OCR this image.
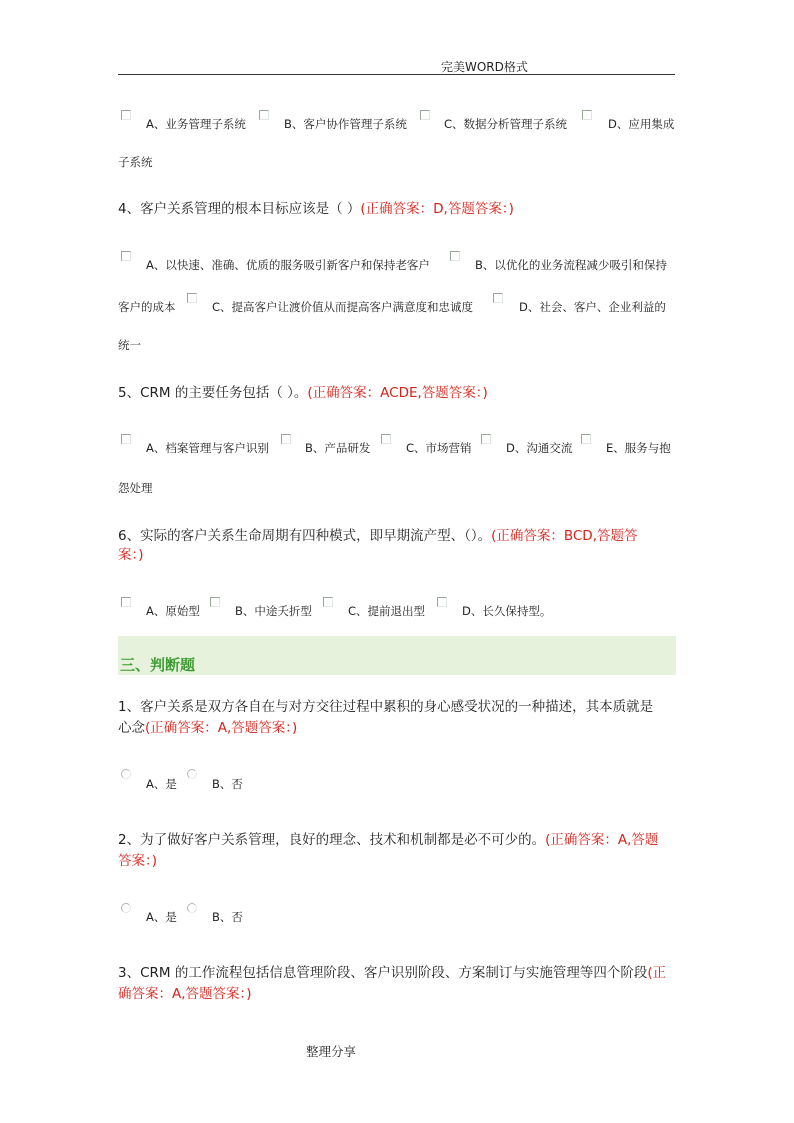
完美WORD格式
A、业务管理子系统	B、客户协作管理子系统	C、数据分析管理子系统	D、应用集成
子系统
4、客户关系管理的根本目标应该是（ ）(正确答案：D,答题答案：)
A、以快速、准确、优质的服务吸引新客户和保持老客户	B、以优化的业务流程减少吸引和保持
客户的成本	C、提高客户让渡价值从而提高客户满意度和忠诚度	D、社会、客户、企业利益的
统一
5、CRM 的主要任务包括（ ）。(正确答案：ACDE,答题答案：)
A、档案管理与客户识别	B、产品研发	C、市场营销	D、沟通交流	E、服务与抱
怨处理
6、实际的客户关系生命周期有四种模式，即早期流产型、（）。(正确答案：BCD,答题答
案：)
A、原始型	B、中途夭折型	C、提前退出型	D、长久保持型。
三、判断题
1、客户关系是双方各自在与对方交往过程中累积的身心感受状况的一种描述，其本质就是
心念(正确答案：A,答题答案：)
A、是	B、否
2、为了做好客户关系管理，良好的理念、技术和机制都是必不可少的。(正确答案：A,答题
答案：)
A、是	B、否
3、CRM 的工作流程包括信息管理阶段、客户识别阶段、方案制订与实施管理等四个阶段(正
确答案：A,答题答案：)
整理分享
